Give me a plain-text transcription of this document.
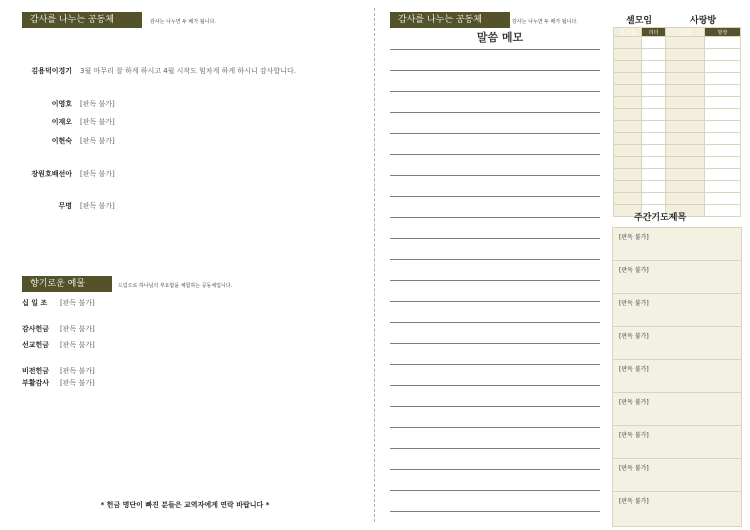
감사를 나누는 공동체	감사는 나누면 두 배가 됩니다.
김용덕이경기 3월 마무리 잘 하게 하시고 4월 시작도 힘차게 하게 하시니 감사합니다.
이영호 [판독 불가]
이재오 [판독 불가]
이현숙 [판독 불가]
장원호배선아 [판독 불가]
무명 [판독 불가]
향기로운 예물	드림으로 하나님의 부요함을 체험하는 공동체입니다.
십 일 조	[판독 불가]
감사헌금	[판독 불가]
선교헌금	[판독 불가]
비전헌금	[판독 불가]
부활감사	[판독 불가]
* 헌금 명단이 빠진 분들은 교역자에게 연락 바랍니다 *
감사를 나누는 공동체	감사는 나누면 두 배가 됩니다.
말씀 메모
셀모임	사랑방
셀 이름	리더	사랑방	방장

주간기도제목
[판독 불가]
[판독 불가]
[판독 불가]
[판독 불가]
[판독 불가]
[판독 불가]
[판독 불가]
[판독 불가]
[판독 불가]
